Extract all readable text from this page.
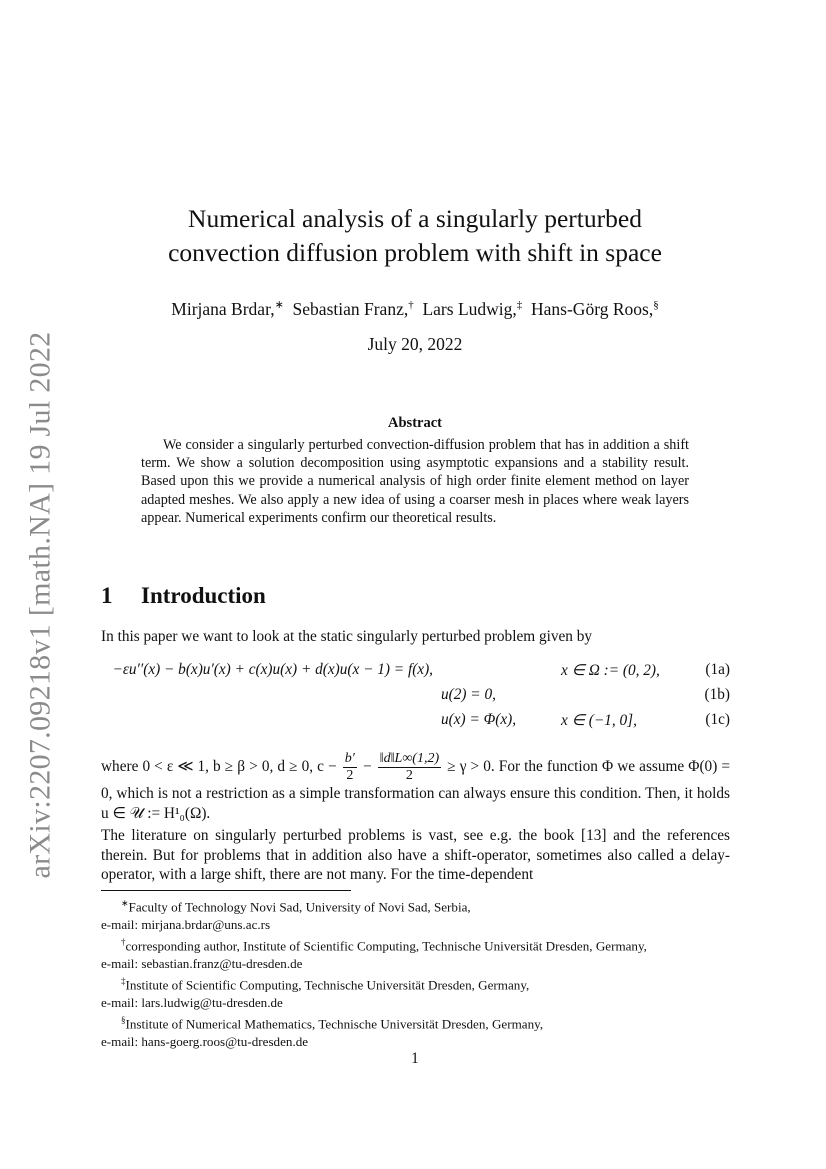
arXiv:2207.09218v1 [math.NA] 19 Jul 2022
Numerical analysis of a singularly perturbed
convection diffusion problem with shift in space
Mirjana Brdar,∗ Sebastian Franz,† Lars Ludwig,‡ Hans-Görg Roos,§
July 20, 2022
Abstract
We consider a singularly perturbed convection-diffusion problem that has in addition a shift term. We show a solution decomposition using asymptotic expansions and a stability result. Based upon this we provide a numerical analysis of high order finite element method on layer adapted meshes. We also apply a new idea of using a coarser mesh in places where weak layers appear. Numerical experiments confirm our theoretical results.
1 Introduction
In this paper we want to look at the static singularly perturbed problem given by
−εu′′(x) − b(x)u′(x) + c(x)u(x) + d(x)u(x − 1) = f(x),	x ∈ Ω := (0, 2),	(1a)
u(2) = 0,	(1b)
u(x) = Φ(x),	x ∈ (−1, 0],	(1c)
where 0 < ε ≪ 1, b ≥ β > 0, d ≥ 0, $c - \frac{b'}{2} - \frac{‖d‖L\infty(1,2)}{2} \ge \gamma > 0$. For the function Φ we assume Φ(0) = 0, which is not a restriction as a simple transformation can always ensure this condition. Then, it holds u ∈ 𝒰 := H¹₀(Ω).
The literature on singularly perturbed problems is vast, see e.g. the book [13] and the references therein. But for problems that in addition also have a shift-operator, sometimes also called a delay-operator, with a large shift, there are not many. For the time-dependent
∗Faculty of Technology Novi Sad, University of Novi Sad, Serbia,
e-mail: mirjana.brdar@uns.ac.rs
†corresponding author, Institute of Scientific Computing, Technische Universität Dresden, Germany,
e-mail: sebastian.franz@tu-dresden.de
‡Institute of Scientific Computing, Technische Universität Dresden, Germany,
e-mail: lars.ludwig@tu-dresden.de
§Institute of Numerical Mathematics, Technische Universität Dresden, Germany,
e-mail: hans-goerg.roos@tu-dresden.de
1
